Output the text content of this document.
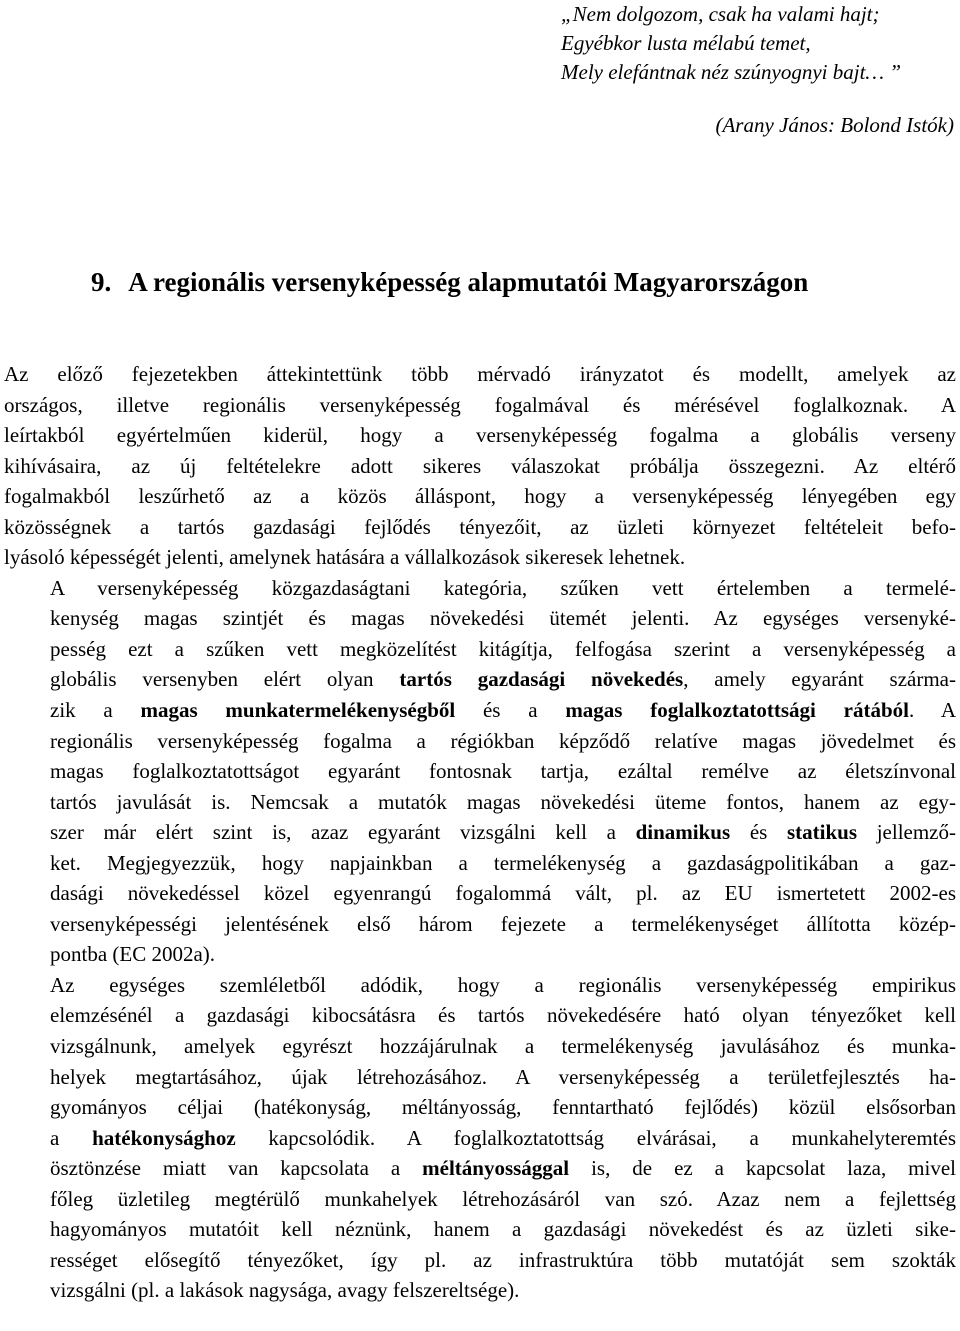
„Nem dolgozom, csak ha valami hajt;
Egyébkor lusta mélabú temet,
Mely elefántnak néz szúnyognyi bajt… ”
(Arany János: Bolond Istók)
9. A regionális versenyképesség alapmutatói Magyarországon
Az előző fejezetekben áttekintettünk több mérvadó irányzatot és modellt, amelyek az
országos, illetve regionális versenyképesség fogalmával és mérésével foglalkoznak. A
leírtakból egyértelműen kiderül, hogy a versenyképesség fogalma a globális verseny
kihívásaira, az új feltételekre adott sikeres válaszokat próbálja összegezni. Az eltérő
fogalmakból leszűrhető az a közös álláspont, hogy a versenyképesség lényegében egy
közösségnek a tartós gazdasági fejlődés tényezőit, az üzleti környezet feltételeit befo-
lyásoló képességét jelenti, amelynek hatására a vállalkozások sikeresek lehetnek.
A versenyképesség közgazdaságtani kategória, szűken vett értelemben a termelé-
kenység magas szintjét és magas növekedési ütemét jelenti. Az egységes versenyké-
pesség ezt a szűken vett megközelítést kitágítja, felfogása szerint a versenyképesség a
globális versenyben elért olyan tartós gazdasági növekedés, amely egyaránt szárma-
zik a magas munkatermelékenységből és a magas foglalkoztatottsági rátából. A
regionális versenyképesség fogalma a régiókban képződő relatíve magas jövedelmet és
magas foglalkoztatottságot egyaránt fontosnak tartja, ezáltal remélve az életszínvonal
tartós javulását is. Nemcsak a mutatók magas növekedési üteme fontos, hanem az egy-
szer már elért szint is, azaz egyaránt vizsgálni kell a dinamikus és statikus jellemző-
ket. Megjegyezzük, hogy napjainkban a termelékenység a gazdaságpolitikában a gaz-
dasági növekedéssel közel egyenrangú fogalommá vált, pl. az EU ismertetett 2002-es
versenyképességi jelentésének első három fejezete a termelékenységet állította közép-
pontba (EC 2002a).
Az egységes szemléletből adódik, hogy a regionális versenyképesség empirikus
elemzésénél a gazdasági kibocsátásra és tartós növekedésére ható olyan tényezőket kell
vizsgálnunk, amelyek egyrészt hozzájárulnak a termelékenység javulásához és munka-
helyek megtartásához, újak létrehozásához. A versenyképesség a területfejlesztés ha-
gyományos céljai (hatékonyság, méltányosság, fenntartható fejlődés) közül elsősorban
a hatékonysághoz kapcsolódik. A foglalkoztatottság elvárásai, a munkahelyteremtés
ösztönzése miatt van kapcsolata a méltányossággal is, de ez a kapcsolat laza, mivel
főleg üzletileg megtérülő munkahelyek létrehozásáról van szó. Azaz nem a fejlettség
hagyományos mutatóit kell néznünk, hanem a gazdasági növekedést és az üzleti sike-
rességet elősegítő tényezőket, így pl. az infrastruktúra több mutatóját sem szokták
vizsgálni (pl. a lakások nagysága, avagy felszereltsége).
